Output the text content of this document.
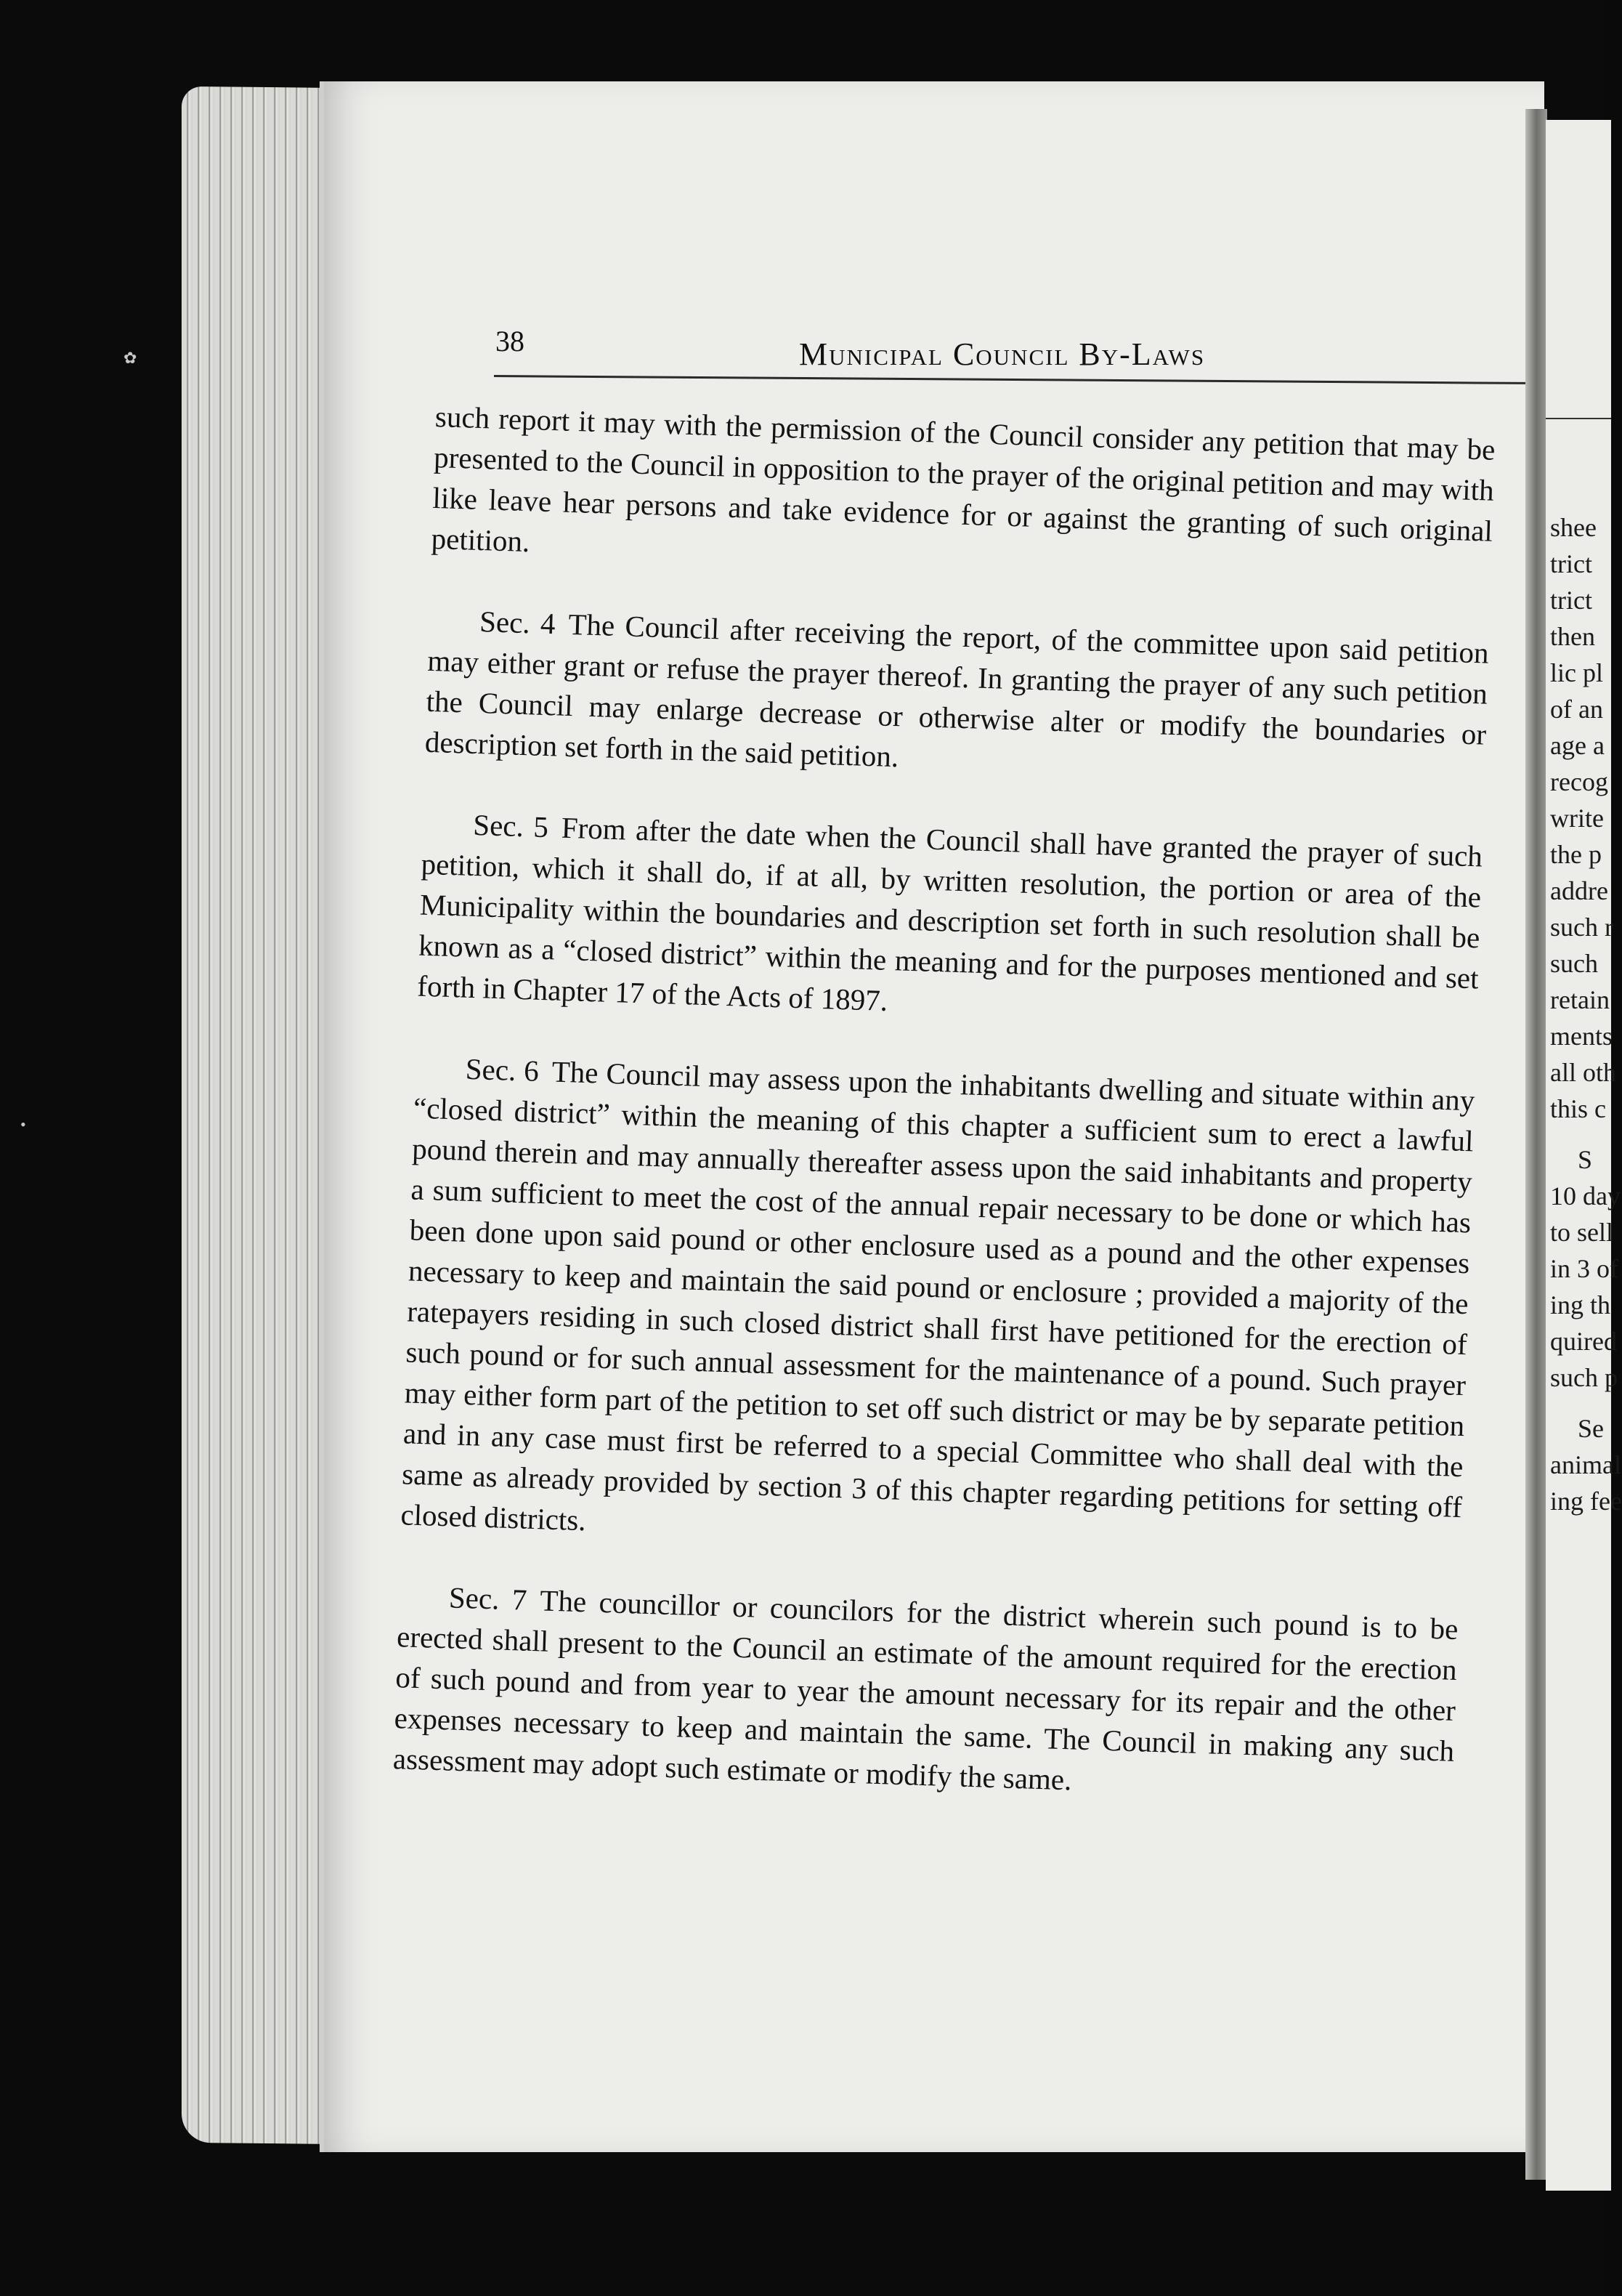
shee
trict
trict
then
lic pl
of an
age a
recog
write
the p
addre
such r
such
retain
ments
all oth
this c
S
10 day
to sell
in 3 of
ing th
quired
such p
Se
animal
ing fee
38	Municipal Council By-Laws

such report it may with the permission of the Council consider any petition that may be presented to the Council in opposition to the prayer of the original petition and may with like leave hear persons and take evidence for or against the granting of such original petition.

Sec. 4 The Council after receiving the report, of the committee upon said petition may either grant or refuse the prayer thereof. In granting the prayer of any such petition the Council may enlarge decrease or otherwise alter or modify the boundaries or description set forth in the said petition.

Sec. 5 From after the date when the Council shall have granted the prayer of such petition, which it shall do, if at all, by written resolution, the portion or area of the Municipality within the boundaries and description set forth in such resolution shall be known as a “closed district” within the meaning and for the purposes mentioned and set forth in Chapter 17 of the Acts of 1897.

Sec. 6 The Council may assess upon the inhabitants dwelling and situate within any “closed district” within the meaning of this chapter a sufficient sum to erect a lawful pound therein and may annually thereafter assess upon the said inhabitants and property a sum sufficient to meet the cost of the annual repair necessary to be done or which has been done upon said pound or other enclosure used as a pound and the other expenses necessary to keep and maintain the said pound or enclosure ; provided a majority of the ratepayers residing in such closed district shall first have petitioned for the erection of such pound or for such annual assessment for the maintenance of a pound. Such prayer may either form part of the petition to set off such district or may be by separate petition and in any case must first be referred to a special Committee who shall deal with the same as already provided by section 3 of this chapter regarding petitions for setting off closed districts.

Sec. 7 The councillor or councilors for the district wherein such pound is to be erected shall present to the Council an estimate of the amount required for the erection of such pound and from year to year the amount necessary for its repair and the other expenses necessary to keep and maintain the same. The Council in making any such assessment may adopt such estimate or modify the same.

✿
•
